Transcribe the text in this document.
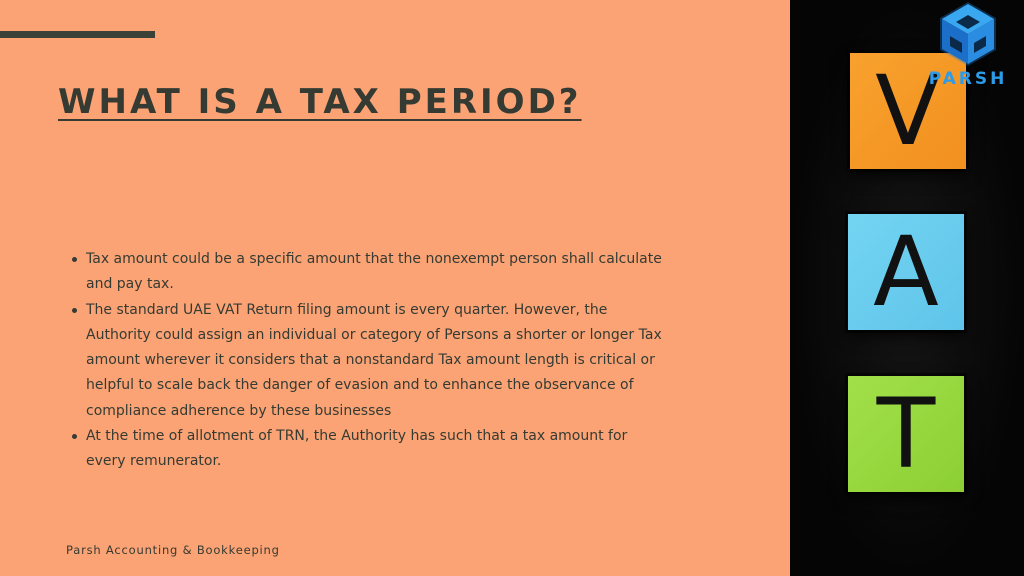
WHAT IS A TAX PERIOD?
Tax amount could be a specific amount that the nonexempt person shall calculate and pay tax.
The standard UAE VAT Return filing amount is every quarter. However, the Authority could assign an individual or category of Persons a shorter or longer Tax amount wherever it considers that a nonstandard Tax amount length is critical or helpful to scale back the danger of evasion and to enhance the observance of compliance adherence by these businesses
At the time of allotment of TRN, the Authority has such that a tax amount for every remunerator.
Parsh Accounting & Bookkeeping
V
A
T
PARSH
